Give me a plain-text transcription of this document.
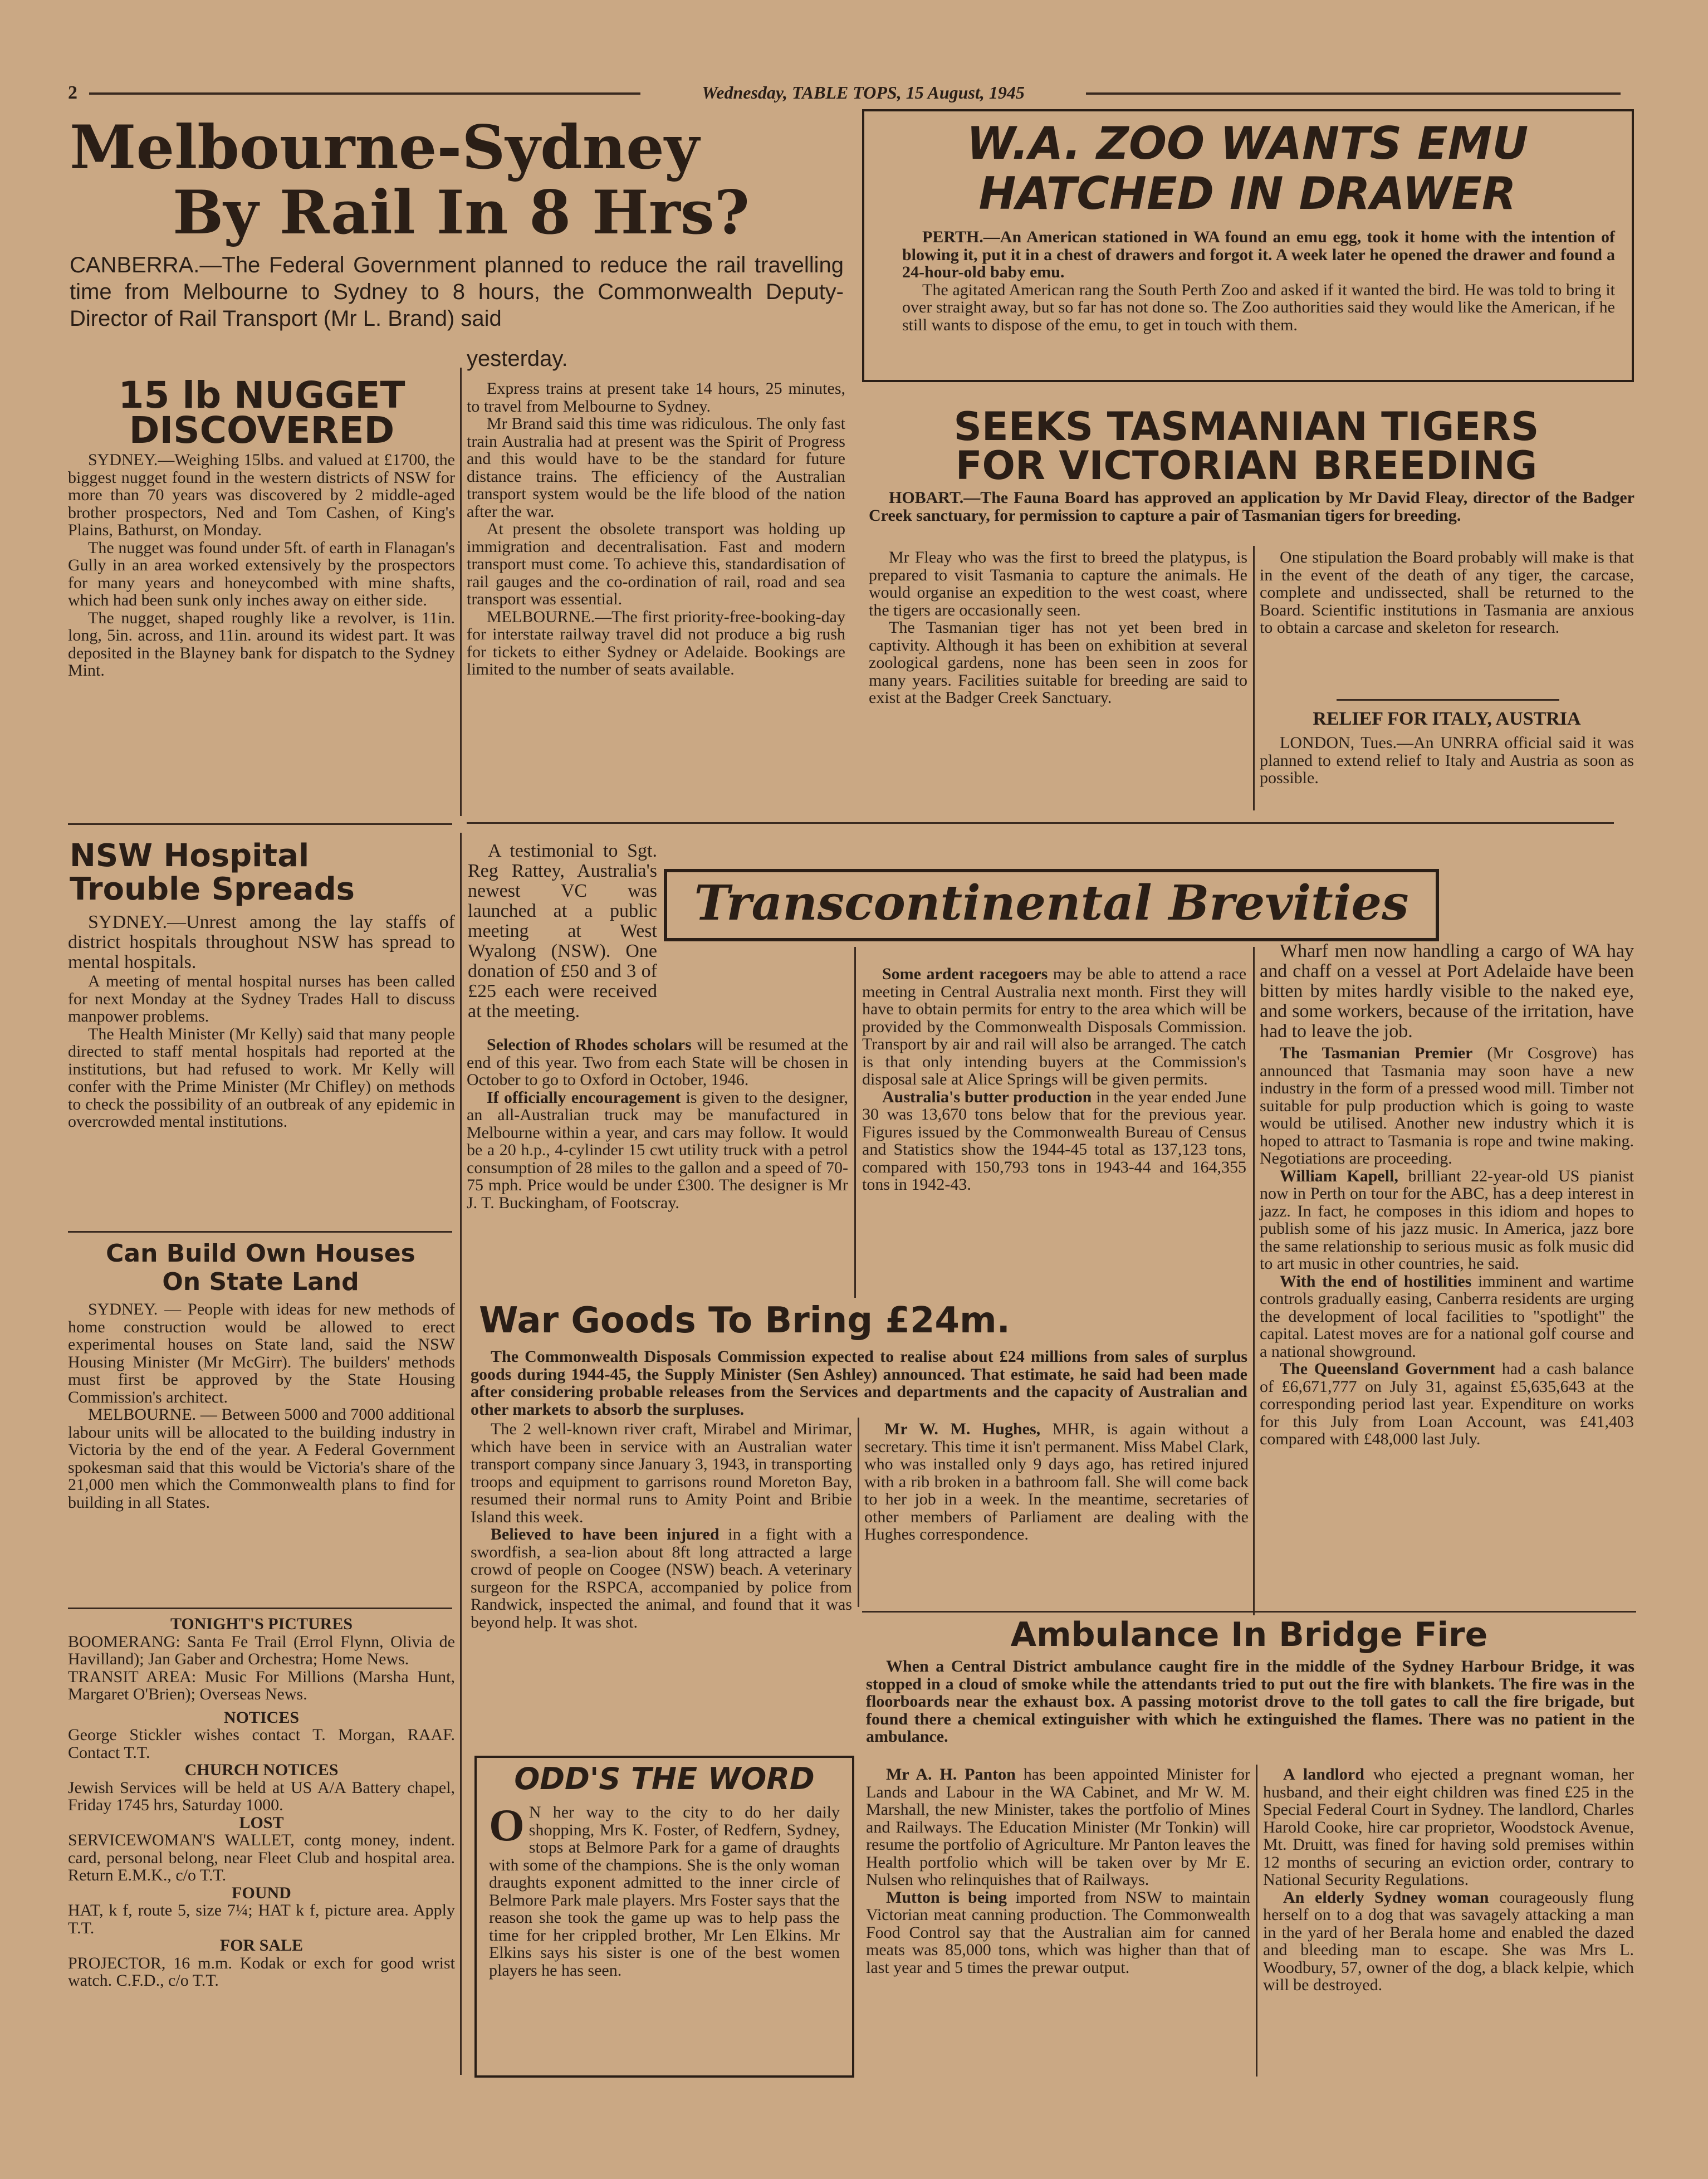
2	Wednesday, TABLE TOPS, 15 August, 1945
Melbourne-Sydney
By Rail In 8 Hrs?
CANBERRA.—The Federal Government planned to reduce the rail travelling time from Melbourne to Sydney to 8 hours, the Commonwealth Deputy-Director of Rail Transport (Mr L. Brand) said
yesterday.
15 lb NUGGET
DISCOVERED

SYDNEY.—Weighing 15lbs. and valued at £1700, the biggest nugget found in the western districts of NSW for more than 70 years was discovered by 2 middle-aged brother prospectors, Ned and Tom Cashen, of King's Plains, Bathurst, on Monday.

The nugget was found under 5ft. of earth in Flanagan's Gully in an area worked extensively by the prospectors for many years and honeycombed with mine shafts, which had been sunk only inches away on either side.

The nugget, shaped roughly like a revolver, is 11in. long, 5in. across, and 11in. around its widest part. It was deposited in the Blayney bank for dispatch to the Sydney Mint.

Express trains at present take 14 hours, 25 minutes, to travel from Melbourne to Sydney.

Mr Brand said this time was ridiculous. The only fast train Australia had at present was the Spirit of Progress and this would have to be the standard for future distance trains. The efficiency of the Australian transport system would be the life blood of the nation after the war.

At present the obsolete transport was holding up immigration and decentralisation. Fast and modern transport must come. To achieve this, standardisation of rail gauges and the co-ordination of rail, road and sea transport was essential.

MELBOURNE.—The first priority-free-booking-day for interstate railway travel did not produce a big rush for tickets to either Sydney or Adelaide. Bookings are limited to the number of seats available.

W.A. ZOO WANTS EMU
HATCHED IN DRAWER

PERTH.—An American stationed in WA found an emu egg, took it home with the intention of blowing it, put it in a chest of drawers and forgot it. A week later he opened the drawer and found a 24-hour-old baby emu.

The agitated American rang the South Perth Zoo and asked if it wanted the bird. He was told to bring it over straight away, but so far has not done so. The Zoo authorities said they would like the American, if he still wants to dispose of the emu, to get in touch with them.

SEEKS TASMANIAN TIGERS
FOR VICTORIAN BREEDING
HOBART.—The Fauna Board has approved an application by Mr David Fleay, director of the Badger Creek sanctuary, for permission to capture a pair of Tasmanian tigers for breeding.

Mr Fleay who was the first to breed the platypus, is prepared to visit Tasmania to capture the animals. He would organise an expedition to the west coast, where the tigers are occasionally seen.

The Tasmanian tiger has not yet been bred in captivity. Although it has been on exhibition at several zoological gardens, none has been seen in zoos for many years. Facilities suitable for breeding are said to exist at the Badger Creek Sanctuary.

One stipulation the Board probably will make is that in the event of the death of any tiger, the carcase, complete and undissected, shall be returned to the Board. Scientific institutions in Tasmania are anxious to obtain a carcase and skeleton for research.

RELIEF FOR ITALY, AUSTRIA

LONDON, Tues.—An UNRRA official said it was planned to extend relief to Italy and Austria as soon as possible.

NSW Hospital
Trouble Spreads

SYDNEY.—Unrest among the lay staffs of district hospitals throughout NSW has spread to mental hospitals.

A meeting of mental hospital nurses has been called for next Monday at the Sydney Trades Hall to discuss manpower problems.

The Health Minister (Mr Kelly) said that many people directed to staff mental hospitals had reported at the institutions, but had refused to work. Mr Kelly will confer with the Prime Minister (Mr Chifley) on methods to check the possibility of an outbreak of any epidemic in overcrowded mental institutions.

Can Build Own Houses
On State Land

SYDNEY. — People with ideas for new methods of home construction would be allowed to erect experimental houses on State land, said the NSW Housing Minister (Mr McGirr). The builders' methods must first be approved by the State Housing Commission's architect.

MELBOURNE. — Between 5000 and 7000 additional labour units will be allocated to the building industry in Victoria by the end of the year. A Federal Government spokesman said that this would be Victoria's share of the 21,000 men which the Commonwealth plans to find for building in all States.

TONIGHT'S PICTURES

BOOMERANG: Santa Fe Trail (Errol Flynn, Olivia de Havilland); Jan Gaber and Orchestra; Home News.

TRANSIT AREA: Music For Millions (Marsha Hunt, Margaret O'Brien); Overseas News.

NOTICES

George Stickler wishes contact T. Morgan, RAAF. Contact T.T.

CHURCH NOTICES

Jewish Services will be held at US A/A Battery chapel, Friday 1745 hrs, Saturday 1000.

LOST

SERVICEWOMAN'S WALLET, contg money, indent. card, personal belong, near Fleet Club and hospital area. Return E.M.K., c/o T.T.

FOUND

HAT, k f, route 5, size 7¼; HAT k f, picture area. Apply T.T.

FOR SALE

PROJECTOR, 16 m.m. Kodak or exch for good wrist watch. C.F.D., c/o T.T.

Transcontinental Brevities

A testimonial to Sgt. Reg Rattey, Australia's newest VC was launched at a public meeting at West Wyalong (NSW). One donation of £50 and 3 of £25 each were received at the meeting.

Wharf men now handling a cargo of WA hay and chaff on a vessel at Port Adelaide have been bitten by mites hardly visible to the naked eye, and some workers, because of the irritation, have had to leave the job.

Selection of Rhodes scholars will be resumed at the end of this year. Two from each State will be chosen in October to go to Oxford in October, 1946.

If officially encouragement is given to the designer, an all-Australian truck may be manufactured in Melbourne within a year, and cars may follow. It would be a 20 h.p., 4-cylinder 15 cwt utility truck with a petrol consumption of 28 miles to the gallon and a speed of 70-75 mph. Price would be under £300. The designer is Mr J. T. Buckingham, of Footscray.

Some ardent racegoers may be able to attend a race meeting in Central Australia next month. First they will have to obtain permits for entry to the area which will be provided by the Commonwealth Disposals Commission. Transport by air and rail will also be arranged. The catch is that only intending buyers at the Commission's disposal sale at Alice Springs will be given permits.

Australia's butter production in the year ended June 30 was 13,670 tons below that for the previous year. Figures issued by the Commonwealth Bureau of Census and Statistics show the 1944-45 total as 137,123 tons, compared with 150,793 tons in 1943-44 and 164,355 tons in 1942-43.

The Tasmanian Premier (Mr Cosgrove) has announced that Tasmania may soon have a new industry in the form of a pressed wood mill. Timber not suitable for pulp production which is going to waste would be utilised. Another new industry which it is hoped to attract to Tasmania is rope and twine making. Negotiations are proceeding.

William Kapell, brilliant 22-year-old US pianist now in Perth on tour for the ABC, has a deep interest in jazz. In fact, he composes in this idiom and hopes to publish some of his jazz music. In America, jazz bore the same relationship to serious music as folk music did to art music in other countries, he said.

With the end of hostilities imminent and wartime controls gradually easing, Canberra residents are urging the development of local facilities to "spotlight" the capital. Latest moves are for a national golf course and a national showground.

The Queensland Government had a cash balance of £6,671,777 on July 31, against £5,635,643 at the corresponding period last year. Expenditure on works for this July from Loan Account, was £41,403 compared with £48,000 last July.

War Goods To Bring £24m.
The Commonwealth Disposals Commission expected to realise about £24 millions from sales of surplus goods during 1944-45, the Supply Minister (Sen Ashley) announced. That estimate, he said had been made after considering probable releases from the Services and departments and the capacity of Australian and other markets to absorb the surpluses.

The 2 well-known river craft, Mirabel and Mirimar, which have been in service with an Australian water transport company since January 3, 1943, in transporting troops and equipment to garrisons round Moreton Bay, resumed their normal runs to Amity Point and Bribie Island this week.

Believed to have been injured in a fight with a swordfish, a sea-lion about 8ft long attracted a large crowd of people on Coogee (NSW) beach. A veterinary surgeon for the RSPCA, accompanied by police from Randwick, inspected the animal, and found that it was beyond help. It was shot.

Mr W. M. Hughes, MHR, is again without a secretary. This time it isn't permanent. Miss Mabel Clark, who was installed only 9 days ago, has retired injured with a rib broken in a bathroom fall. She will come back to her job in a week. In the meantime, secretaries of other members of Parliament are dealing with the Hughes correspondence.

Ambulance In Bridge Fire
When a Central District ambulance caught fire in the middle of the Sydney Harbour Bridge, it was stopped in a cloud of smoke while the attendants tried to put out the fire with blankets. The fire was in the floorboards near the exhaust box. A passing motorist drove to the toll gates to call the fire brigade, but found there a chemical extinguisher with which he extinguished the flames. There was no patient in the ambulance.

Mr A. H. Panton has been appointed Minister for Lands and Labour in the WA Cabinet, and Mr W. M. Marshall, the new Minister, takes the portfolio of Mines and Railways. The Education Minister (Mr Tonkin) will resume the portfolio of Agriculture. Mr Panton leaves the Health portfolio which will be taken over by Mr E. Nulsen who relinquishes that of Railways.

Mutton is being imported from NSW to maintain Victorian meat canning production. The Commonwealth Food Control say that the Australian aim for canned meats was 85,000 tons, which was higher than that of last year and 5 times the prewar output.

A landlord who ejected a pregnant woman, her husband, and their eight children was fined £25 in the Special Federal Court in Sydney. The landlord, Charles Harold Cooke, hire car proprietor, Woodstock Avenue, Mt. Druitt, was fined for having sold premises within 12 months of securing an eviction order, contrary to National Security Regulations.

An elderly Sydney woman courageously flung herself on to a dog that was savagely attacking a man in the yard of her Berala home and enabled the dazed and bleeding man to escape. She was Mrs L. Woodbury, 57, owner of the dog, a black kelpie, which will be destroyed.

ODD'S THE WORD
O N her way to the city to do her daily shopping, Mrs K. Foster, of Redfern, Sydney, stops at Belmore Park for a game of draughts with some of the champions. She is the only woman draughts exponent admitted to the inner circle of Belmore Park male players. Mrs Foster says that the reason she took the game up was to help pass the time for her crippled brother, Mr Len Elkins. Mr Elkins says his sister is one of the best women players he has seen.
